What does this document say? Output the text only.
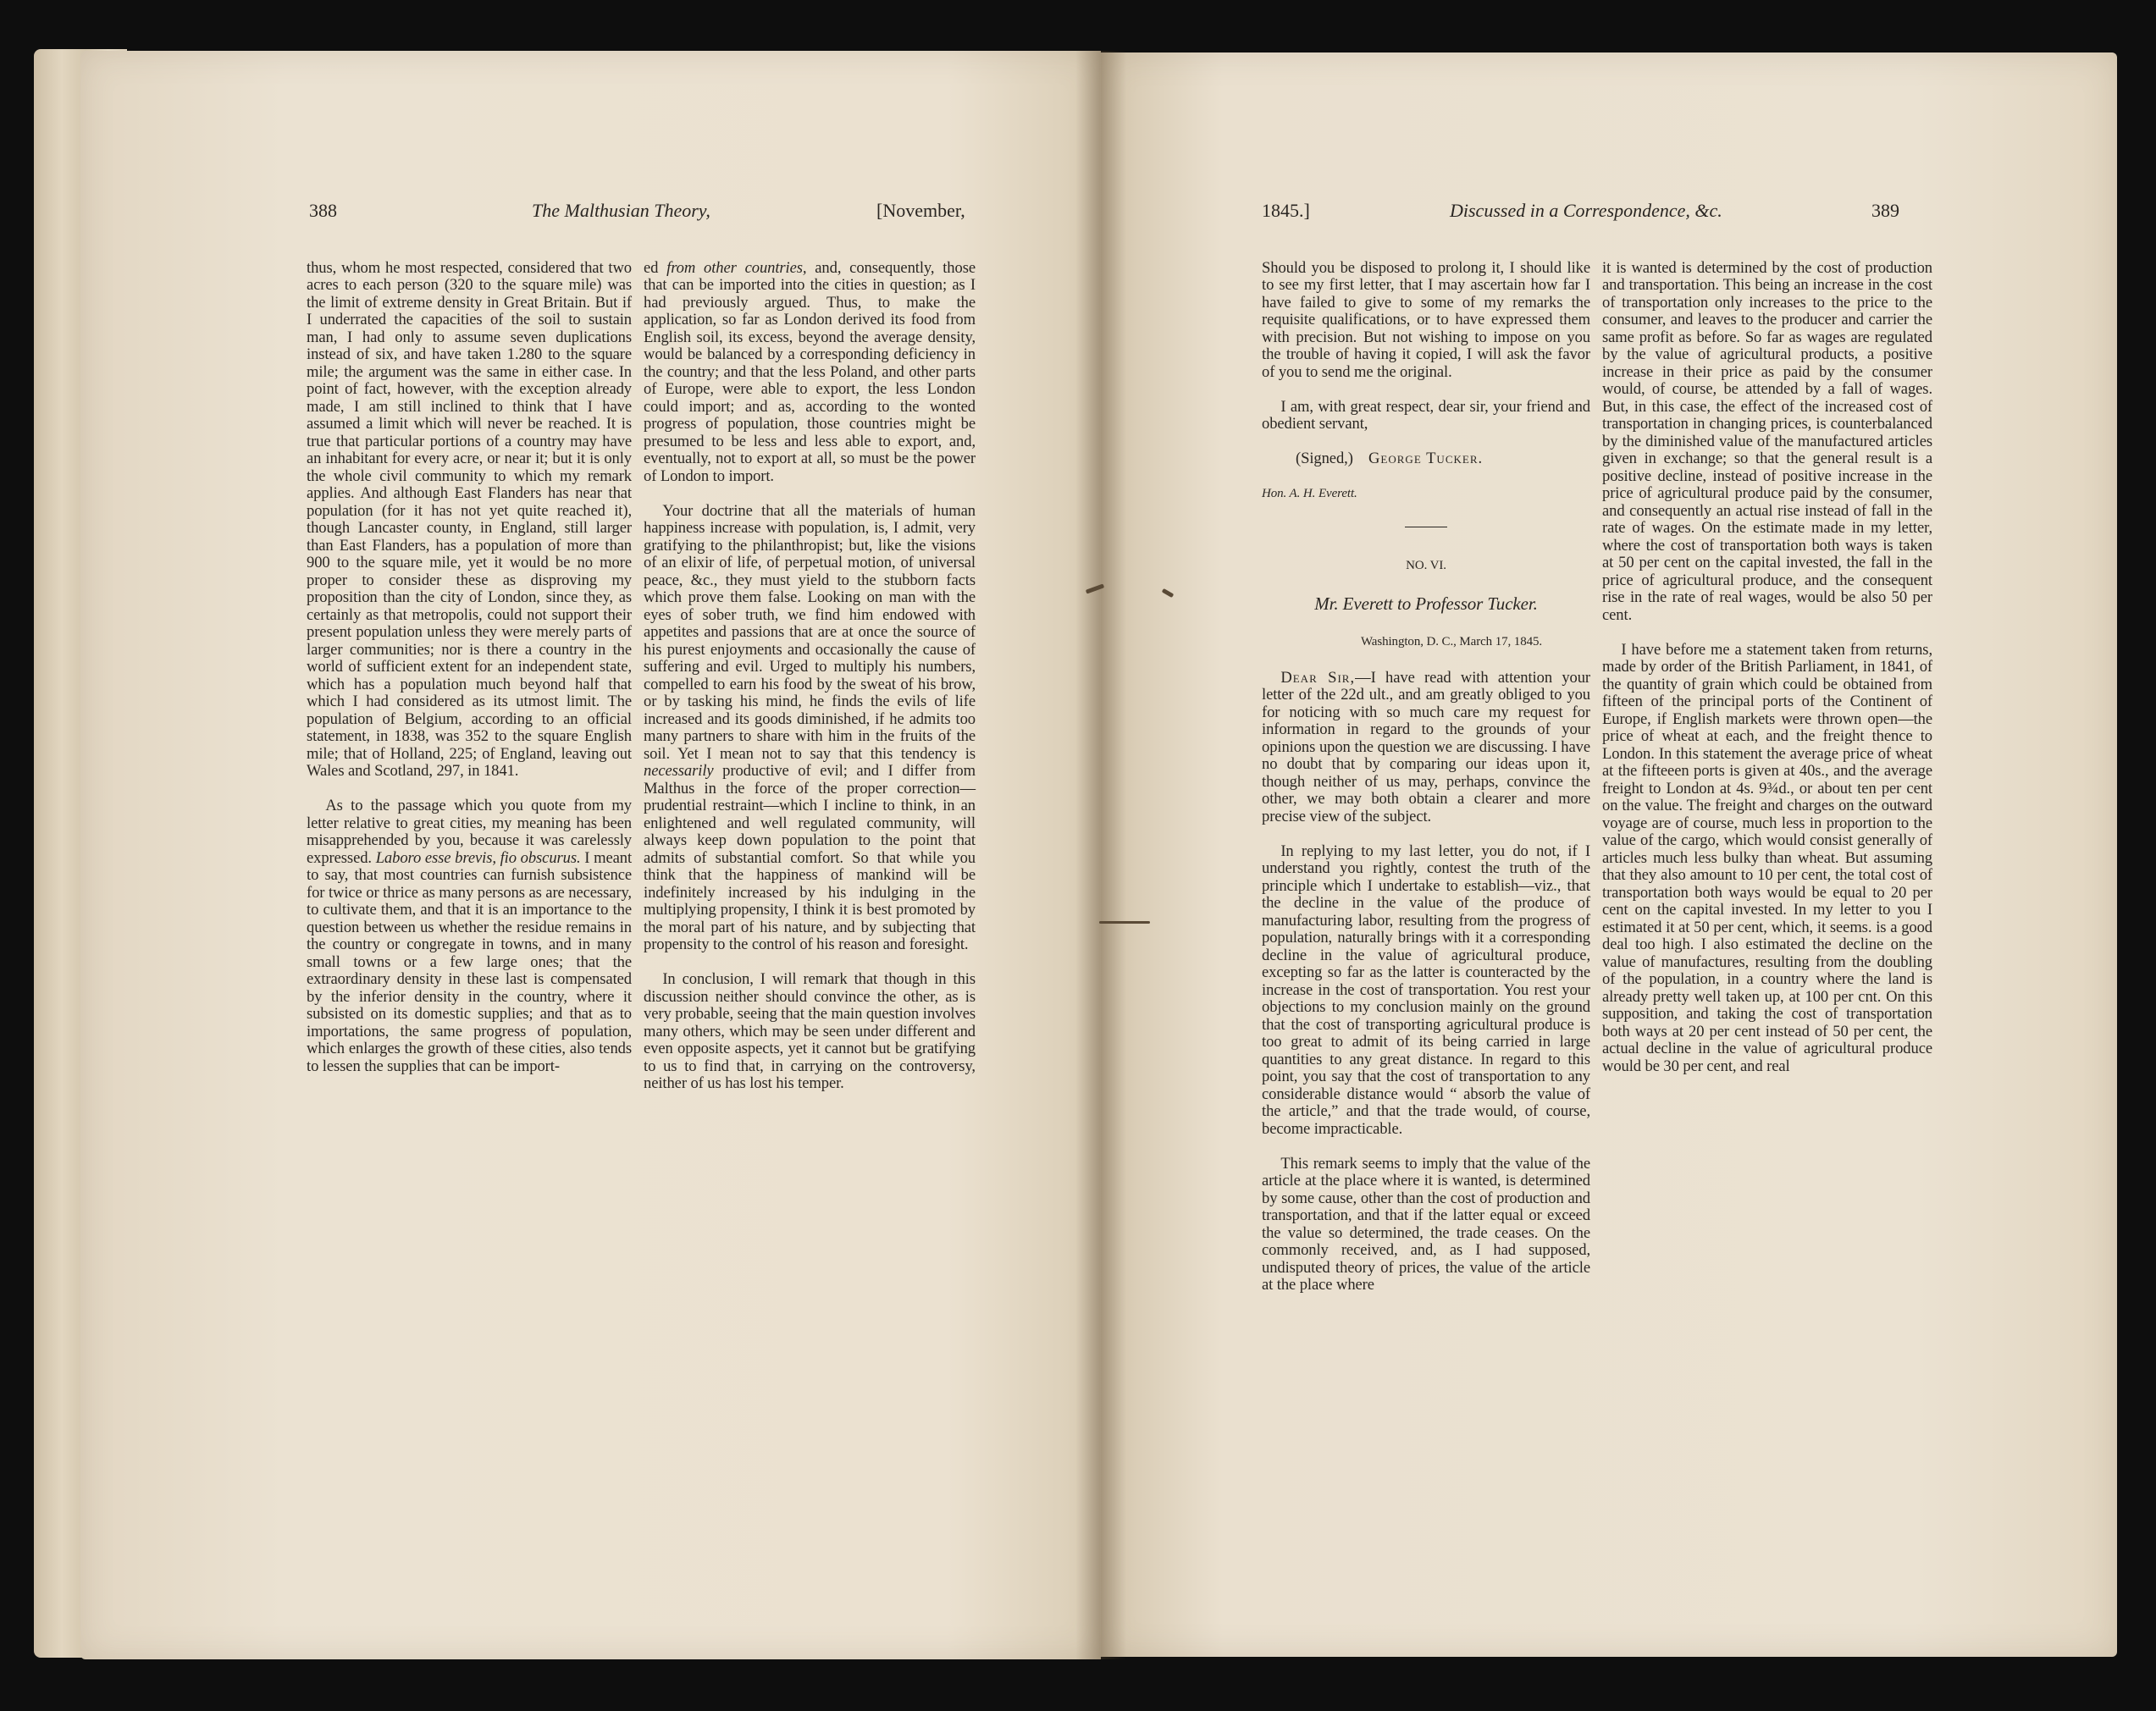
388	The Malthusian Theory,	[November,

thus, whom he most respected, considered that two acres to each person (320 to the square mile) was the limit of extreme density in Great Britain. But if I underrated the capacities of the soil to sustain man, I had only to assume seven duplications instead of six, and have taken 1.280 to the square mile; the argument was the same in either case. In point of fact, however, with the exception already made, I am still inclined to think that I have assumed a limit which will never be reached. It is true that particular portions of a country may have an inhabitant for every acre, or near it; but it is only the whole civil community to which my remark applies. And although East Flanders has near that population (for it has not yet quite reached it), though Lancaster county, in England, still larger than East Flanders, has a population of more than 900 to the square mile, yet it would be no more proper to consider these as disproving my proposition than the city of London, since they, as certainly as that metropolis, could not support their present population unless they were merely parts of larger communities; nor is there a country in the world of sufficient extent for an independent state, which has a population much beyond half that which I had considered as its utmost limit. The population of Belgium, according to an official statement, in 1838, was 352 to the square English mile; that of Holland, 225; of England, leaving out Wales and Scotland, 297, in 1841.

As to the passage which you quote from my letter relative to great cities, my meaning has been misapprehended by you, because it was carelessly expressed. Laboro esse brevis, fio obscurus. I meant to say, that most countries can furnish subsistence for twice or thrice as many persons as are necessary, to cultivate them, and that it is an importance to the question between us whether the residue remains in the country or congregate in towns, and in many small towns or a few large ones; that the extraordinary density in these last is compensated by the inferior density in the country, where it subsisted on its domestic supplies; and that as to importations, the same progress of population, which enlarges the growth of these cities, also tends to lessen the supplies that can be import-

ed from other countries, and, consequently, those that can be imported into the cities in question; as I had previously argued. Thus, to make the application, so far as London derived its food from English soil, its excess, beyond the average density, would be balanced by a corresponding deficiency in the country; and that the less Poland, and other parts of Europe, were able to export, the less London could import; and as, according to the wonted progress of population, those countries might be presumed to be less and less able to export, and, eventually, not to export at all, so must be the power of London to import.

Your doctrine that all the materials of human happiness increase with population, is, I admit, very gratifying to the philanthropist; but, like the visions of an elixir of life, of perpetual motion, of universal peace, &c., they must yield to the stubborn facts which prove them false. Looking on man with the eyes of sober truth, we find him endowed with appetites and passions that are at once the source of his purest enjoyments and occasionally the cause of suffering and evil. Urged to multiply his numbers, compelled to earn his food by the sweat of his brow, or by tasking his mind, he finds the evils of life increased and its goods diminished, if he admits too many partners to share with him in the fruits of the soil. Yet I mean not to say that this tendency is necessarily productive of evil; and I differ from Malthus in the force of the proper correction—prudential restraint—which I incline to think, in an enlightened and well regulated community, will always keep down population to the point that admits of substantial comfort. So that while you think that the happiness of mankind will be indefinitely increased by his indulging in the multiplying propensity, I think it is best promoted by the moral part of his nature, and by subjecting that propensity to the control of his reason and foresight.

In conclusion, I will remark that though in this discussion neither should convince the other, as is very probable, seeing that the main question involves many others, which may be seen under different and even opposite aspects, yet it cannot but be gratifying to us to find that, in carrying on the controversy, neither of us has lost his temper.

1845.]	Discussed in a Correspondence, &c.	389

Should you be disposed to prolong it, I should like to see my first letter, that I may ascertain how far I have failed to give to some of my remarks the requisite qualifications, or to have expressed them with precision. But not wishing to impose on you the trouble of having it copied, I will ask the favor of you to send me the original.

I am, with great respect, dear sir, your friend and obedient servant,

(Signed,) George Tucker.

Hon. A. H. Everett.

NO. VI.

Mr. Everett to Professor Tucker.

Washington, D. C., March 17, 1845.

Dear Sir,—I have read with attention your letter of the 22d ult., and am greatly obliged to you for noticing with so much care my request for information in regard to the grounds of your opinions upon the question we are discussing. I have no doubt that by comparing our ideas upon it, though neither of us may, perhaps, convince the other, we may both obtain a clearer and more precise view of the subject.

In replying to my last letter, you do not, if I understand you rightly, contest the truth of the principle which I undertake to establish—viz., that the decline in the value of the produce of manufacturing labor, resulting from the progress of population, naturally brings with it a corresponding decline in the value of agricultural produce, excepting so far as the latter is counteracted by the increase in the cost of transportation. You rest your objections to my conclusion mainly on the ground that the cost of transporting agricultural produce is too great to admit of its being carried in large quantities to any great distance. In regard to this point, you say that the cost of transportation to any considerable distance would “ absorb the value of the article,” and that the trade would, of course, become impracticable.

This remark seems to imply that the value of the article at the place where it is wanted, is determined by some cause, other than the cost of production and transportation, and that if the latter equal or exceed the value so determined, the trade ceases. On the commonly received, and, as I had supposed, undisputed theory of prices, the value of the article at the place where

it is wanted is determined by the cost of production and transportation. This being an increase in the cost of transportation only increases to the price to the consumer, and leaves to the producer and carrier the same profit as before. So far as wages are regulated by the value of agricultural products, a positive increase in their price as paid by the consumer would, of course, be attended by a fall of wages. But, in this case, the effect of the increased cost of transportation in changing prices, is counterbalanced by the diminished value of the manufactured articles given in exchange; so that the general result is a positive decline, instead of positive increase in the price of agricultural produce paid by the consumer, and consequently an actual rise instead of fall in the rate of wages. On the estimate made in my letter, where the cost of transportation both ways is taken at 50 per cent on the capital invested, the fall in the price of agricultural produce, and the consequent rise in the rate of real wages, would be also 50 per cent.

I have before me a statement taken from returns, made by order of the British Parliament, in 1841, of the quantity of grain which could be obtained from fifteen of the principal ports of the Continent of Europe, if English markets were thrown open—the price of wheat at each, and the freight thence to London. In this statement the average price of wheat at the fifteeen ports is given at 40s., and the average freight to London at 4s. 9¾d., or about ten per cent on the value. The freight and charges on the outward voyage are of course, much less in proportion to the value of the cargo, which would consist generally of articles much less bulky than wheat. But assuming that they also amount to 10 per cent, the total cost of transportation both ways would be equal to 20 per cent on the capital invested. In my letter to you I estimated it at 50 per cent, which, it seems. is a good deal too high. I also estimated the decline on the value of manufactures, resulting from the doubling of the population, in a country where the land is already pretty well taken up, at 100 per cnt. On this supposition, and taking the cost of transportation both ways at 20 per cent instead of 50 per cent, the actual decline in the value of agricultural produce would be 30 per cent, and real
